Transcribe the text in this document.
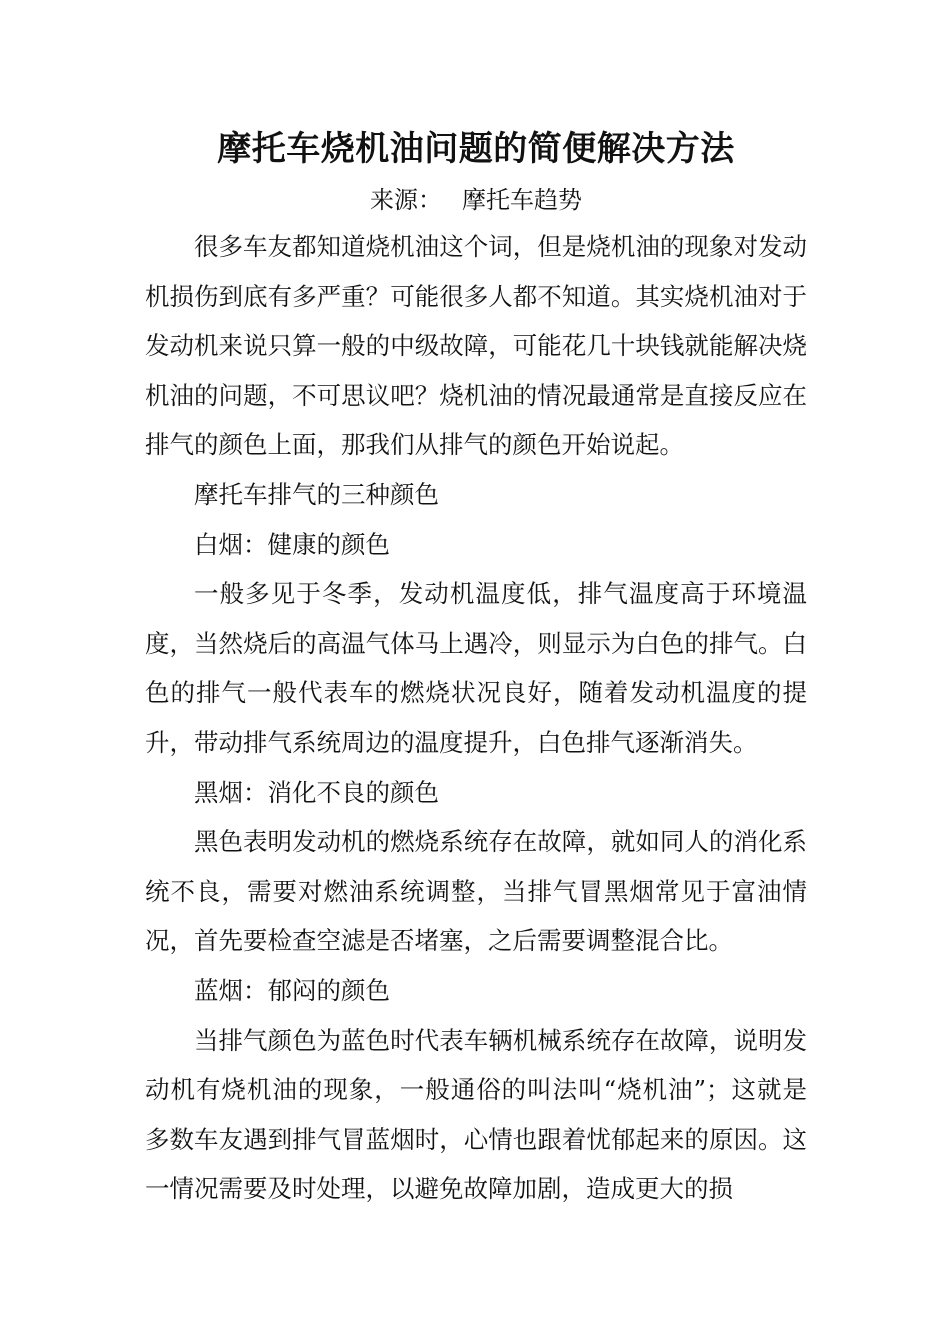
摩托车烧机油问题的简便解决方法

来源： 摩托车趋势

很多车友都知道烧机油这个词，但是烧机油的现象对发动机损伤到底有多严重？可能很多人都不知道。其实烧机油对于发动机来说只算一般的中级故障，可能花几十块钱就能解决烧机油的问题，不可思议吧？烧机油的情况最通常是直接反应在排气的颜色上面，那我们从排气的颜色开始说起。

摩托车排气的三种颜色

白烟：健康的颜色

一般多见于冬季，发动机温度低，排气温度高于环境温度，当然烧后的高温气体马上遇冷，则显示为白色的排气。白色的排气一般代表车的燃烧状况良好，随着发动机温度的提升，带动排气系统周边的温度提升，白色排气逐渐消失。

黑烟：消化不良的颜色

黑色表明发动机的燃烧系统存在故障，就如同人的消化系统不良，需要对燃油系统调整，当排气冒黑烟常见于富油情况，首先要检查空滤是否堵塞，之后需要调整混合比。

蓝烟：郁闷的颜色

当排气颜色为蓝色时代表车辆机械系统存在故障，说明发动机有烧机油的现象，一般通俗的叫法叫“烧机油”；这就是多数车友遇到排气冒蓝烟时，心情也跟着忧郁起来的原因。这一情况需要及时处理，以避免故障加剧，造成更大的损
